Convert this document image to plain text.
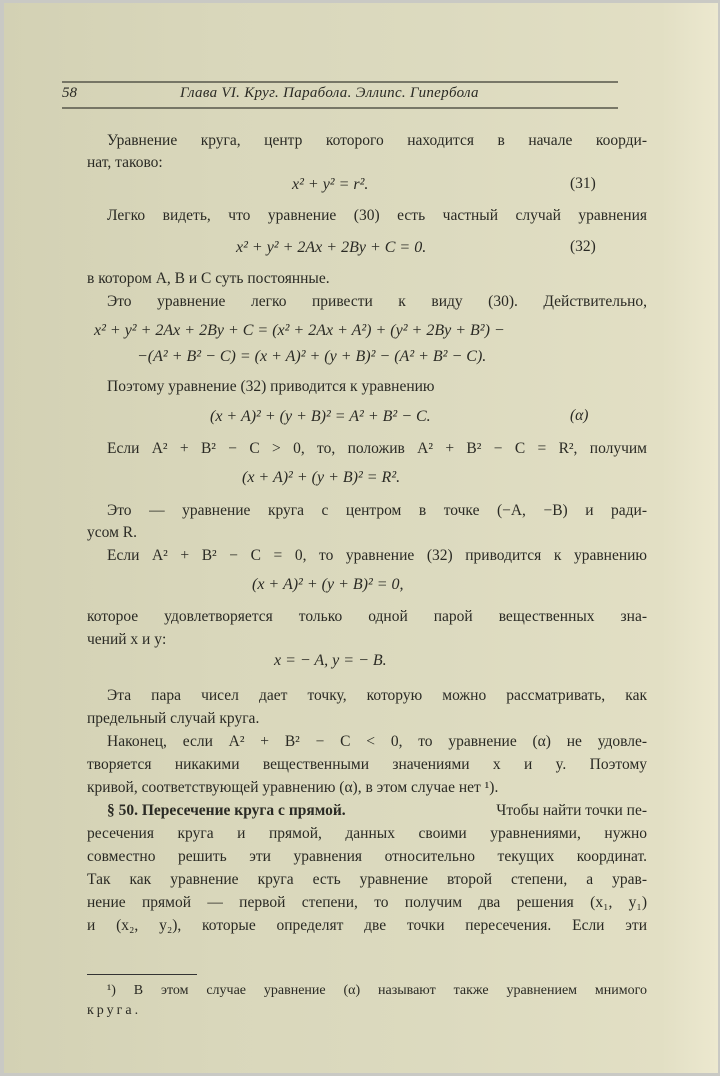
58	Глава VI. Круг. Парабола. Эллипс. Гипербола
Уравнение круга, центр которого находится в начале коорди-
нат, таково:
x² + y² = r².	(31)
Легко видеть, что уравнение (30) есть частный случай уравнения
x² + y² + 2Ax + 2By + C = 0.	(32)
в котором A, B и C суть постоянные.
Это уравнение легко привести к виду (30). Действительно,
x² + y² + 2Ax + 2By + C = (x² + 2Ax + A²) + (y² + 2By + B²) −
−(A² + B² − C) = (x + A)² + (y + B)² − (A² + B² − C).
Поэтому уравнение (32) приводится к уравнению
(x + A)² + (y + B)² = A² + B² − C.	(α)
Если A² + B² − C > 0, то, положив A² + B² − C = R², получим
(x + A)² + (y + B)² = R².
Это — уравнение круга с центром в точке (−A, −B) и ради-
усом R.
Если A² + B² − C = 0, то уравнение (32) приводится к уравнению
(x + A)² + (y + B)² = 0,
которое удовлетворяется только одной парой вещественных зна-
чений x и y:
x = − A, y = − B.
Эта пара чисел дает точку, которую можно рассматривать, как
предельный случай круга.
Наконец, если A² + B² − C < 0, то уравнение (α) не удовле-
творяется никакими вещественными значениями x и y. Поэтому
кривой, соответствующей уравнению (α), в этом случае нет ¹).
§ 50. Пересечение круга с прямой.	Чтобы найти точки пе-
ресечения круга и прямой, данных своими уравнениями, нужно
совместно решить эти уравнения относительно текущих координат.
Так как уравнение круга есть уравнение второй степени, а урав-
нение прямой — первой степени, то получим два решения (x₁, y₁)
и (x₂, y₂), которые определят две точки пересечения. Если эти
¹) В этом случае уравнение (α) называют также уравнением мнимого
круга.
